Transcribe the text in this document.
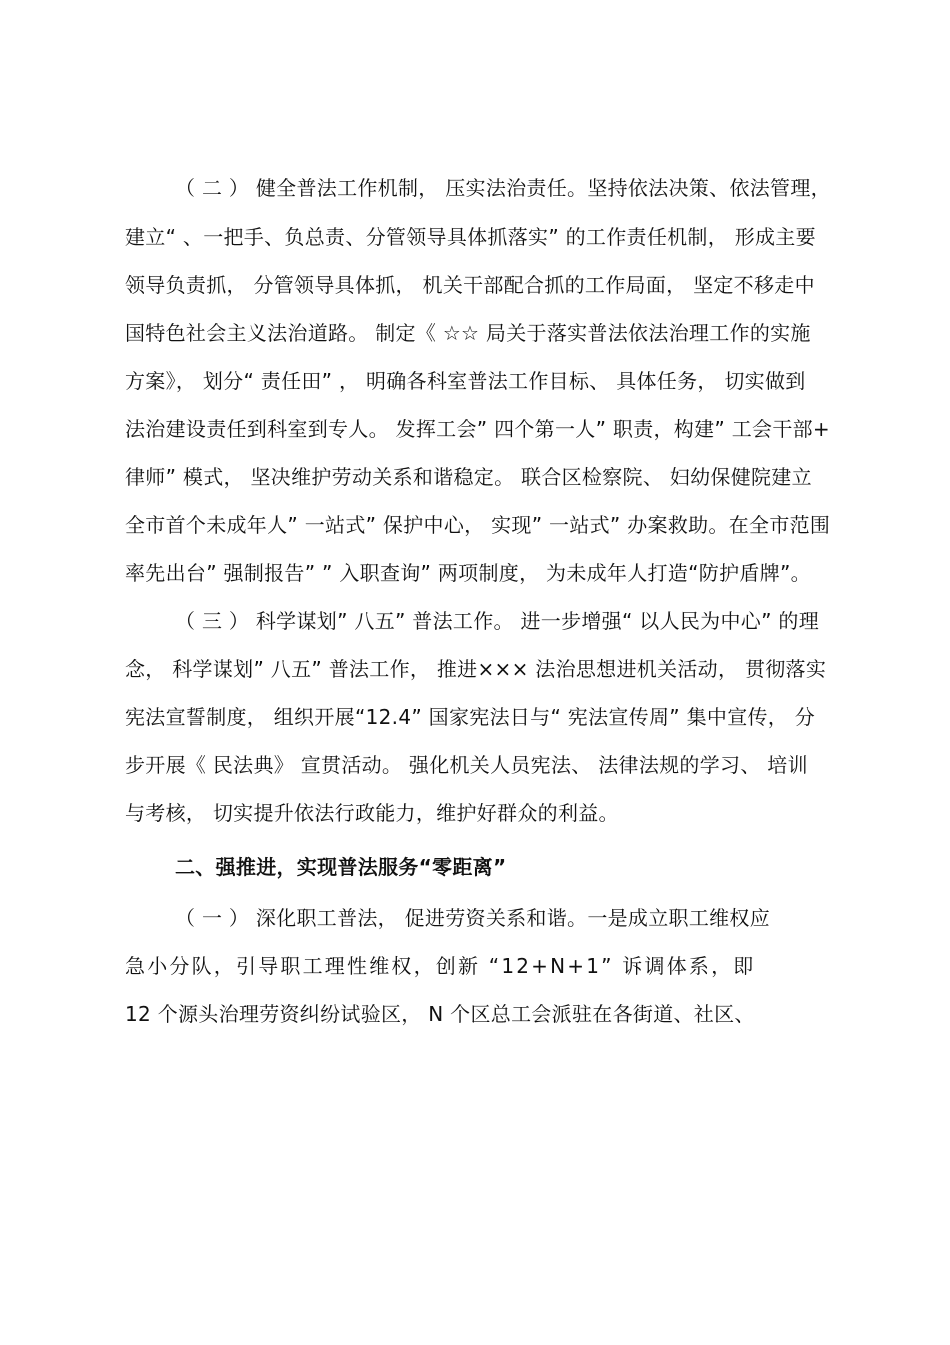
（ 二 ） 健全普法工作机制， 压实法治责任。坚持依法决策、依法管理，
建立“ 、一把手、负总责、分管领导具体抓落实” 的工作责任机制， 形成主要
领导负责抓， 分管领导具体抓， 机关干部配合抓的工作局面， 坚定不移走中
国特色社会主义法治道路。 制定《 ☆☆ 局关于落实普法依法治理工作的实施
方案》， 划分“ 责任田” ， 明确各科室普法工作目标、 具体任务， 切实做到
法治建设责任到科室到专人。 发挥工会” 四个第一人” 职责，构建” 工会干部+
律师” 模式， 坚决维护劳动关系和谐稳定。 联合区检察院、 妇幼保健院建立
全市首个未成年人” 一站式” 保护中心， 实现” 一站式” 办案救助。在全市范围
率先出台” 强制报告” ” 入职查询” 两项制度， 为未成年人打造“防护盾牌”。
（ 三 ） 科学谋划” 八五” 普法工作。 进一步增强“ 以人民为中心” 的理
念， 科学谋划” 八五” 普法工作， 推进××× 法治思想进机关活动， 贯彻落实
宪法宣誓制度， 组织开展“12.4” 国家宪法日与“ 宪法宣传周” 集中宣传， 分
步开展《 民法典》 宣贯活动。 强化机关人员宪法、 法律法规的学习、 培训
与考核， 切实提升依法行政能力，维护好群众的利益。
二、强推进，实现普法服务“零距离”
（ 一 ） 深化职工普法， 促进劳资关系和谐。一是成立职工维权应
急小分队，引导职工理性维权，创新 “12+N+1” 诉调体系，即
12 个源头治理劳资纠纷试验区， N 个区总工会派驻在各街道、社区、
